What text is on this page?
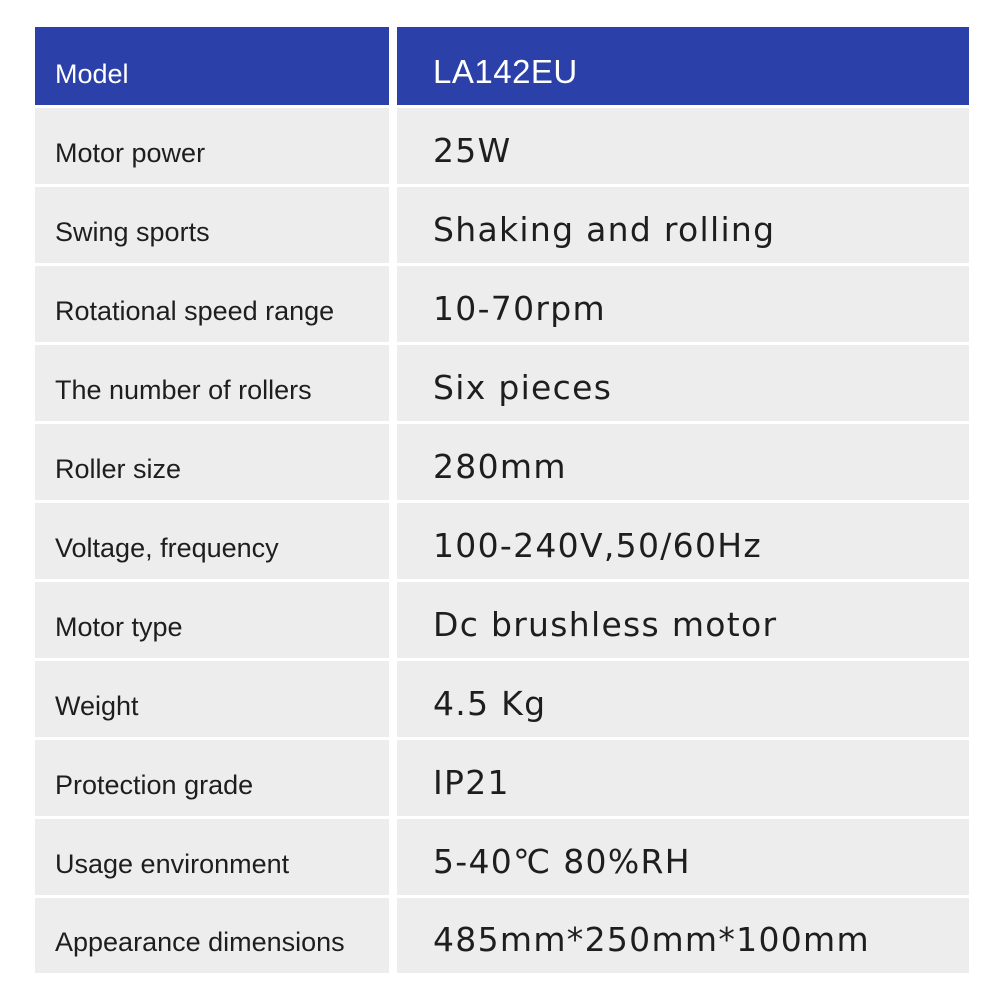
Model	LA142EU
Motor power	25W
Swing sports	Shaking and rolling
Rotational speed range	10-70rpm
The number of rollers	Six pieces
Roller size	280mm
Voltage, frequency	100-240V,50/60Hz
Motor type	Dc brushless motor
Weight	4.5 Kg
Protection grade	IP21
Usage environment	5-40℃ 80%RH
Appearance dimensions	485mm*250mm*100mm
